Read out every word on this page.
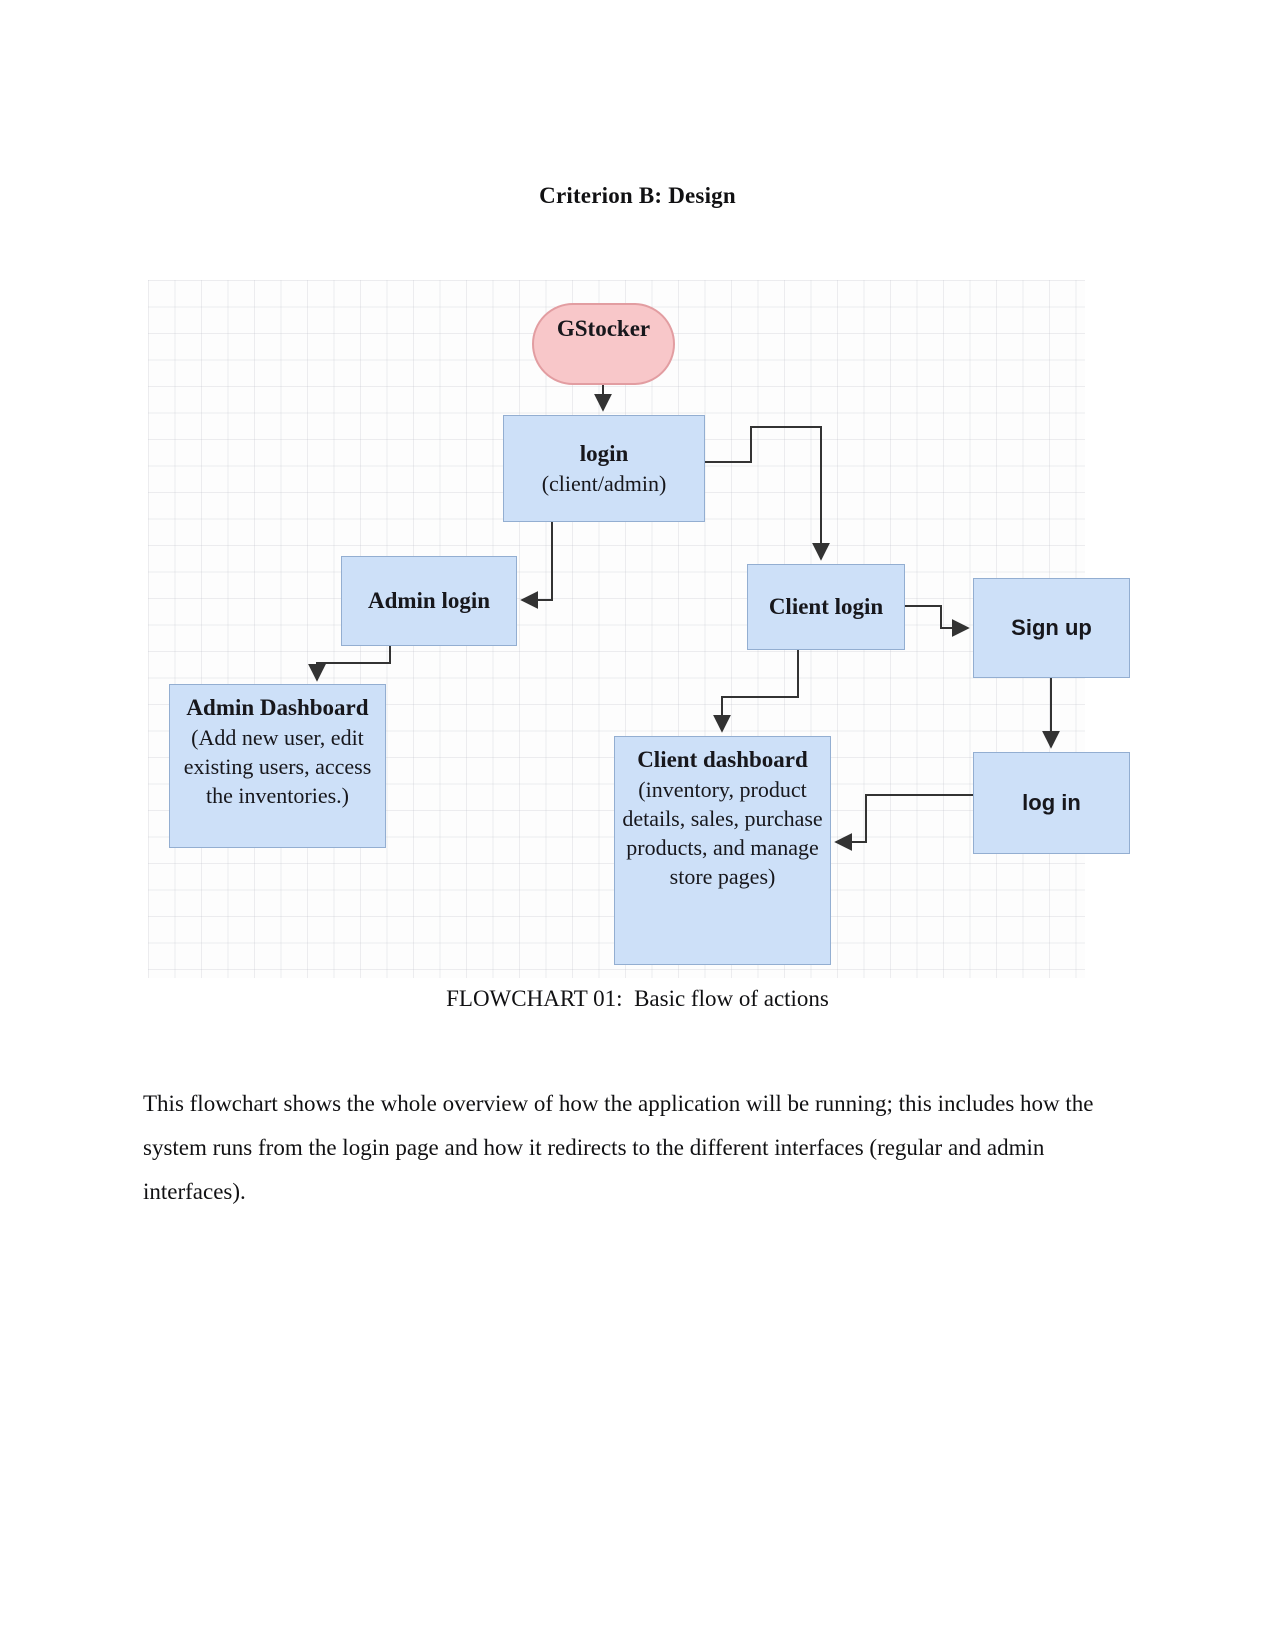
Criterion B: Design
GStocker
login
(client/admin)
Admin login
Admin Dashboard
(Add new user, edit existing users, access the inventories.)
Client login
Sign up
log in
Client dashboard
(inventory, product details, sales, purchase products, and manage store pages)
FLOWCHART 01:  Basic flow of actions
This flowchart shows the whole overview of how the application will be running; this includes how the system runs from the login page and how it redirects to the different interfaces (regular and admin interfaces).
